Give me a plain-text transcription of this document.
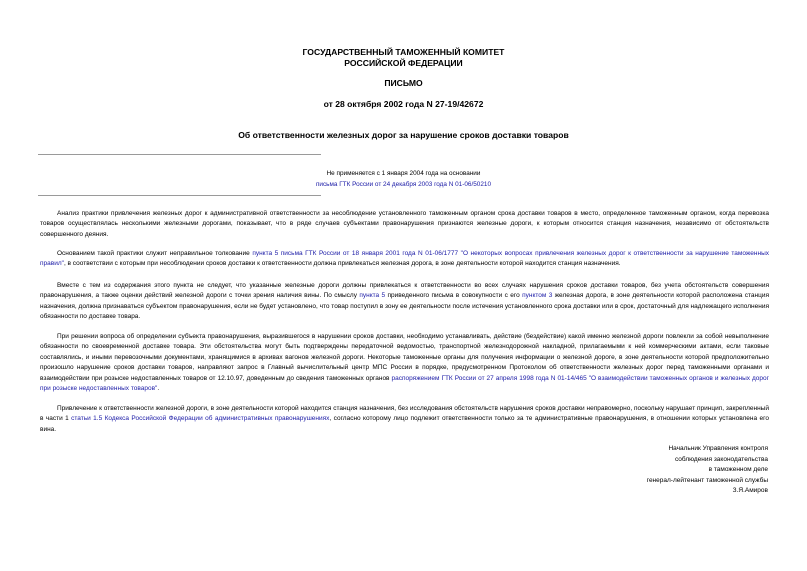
ГОСУДАРСТВЕННЫЙ ТАМОЖЕННЫЙ КОМИТЕТ
РОССИЙСКОЙ ФЕДЕРАЦИИ
ПИСЬМО
от 28 октября 2002 года N 27-19/42672
Об ответственности железных дорог за нарушение сроков доставки товаров
Не применяется с 1 января 2004 года на основании
письма ГТК России от 24 декабря 2003 года N 01-06/50210
Анализ практики привлечения железных дорог к административной ответственности за несоблюдение установленного таможенным органом срока доставки товаров в место, определенное таможенным органом, когда перевозка товаров осуществлялась несколькими железными дорогами, показывает, что в ряде случаев субъектами правонарушения признаются железные дороги, к которым относится станция назначения, независимо от обстоятельств совершенного деяния.
Основанием такой практики служит неправильное толкование пункта 5 письма ГТК России от 18 января 2001 года N 01-06/1777 "О некоторых вопросах привлечения железных дорог к ответственности за нарушение таможенных правил", в соответствии с которым при несоблюдении сроков доставки к ответственности должна привлекаться железная дорога, в зоне деятельности которой находится станция назначения.
Вместе с тем из содержания этого пункта не следует, что указанные железные дороги должны привлекаться к ответственности во всех случаях нарушения сроков доставки товаров, без учета обстоятельств совершения правонарушения, а также оценки действий железной дороги с точки зрения наличия вины. По смыслу пункта 5 приведенного письма в совокупности с его пунктом 3 железная дорога, в зоне деятельности которой расположена станция назначения, должна признаваться субъектом правонарушения, если не будет установлено, что товар поступил в зону ее деятельности после истечения установленного срока доставки или в срок, достаточный для надлежащего исполнения обязанности по доставке товара.
При решении вопроса об определении субъекта правонарушения, выразившегося в нарушении сроков доставки, необходимо устанавливать, действие (бездействие) какой именно железной дороги повлекли за собой невыполнение обязанности по своевременной доставке товара. Эти обстоятельства могут быть подтверждены передаточной ведомостью, транспортной железнодорожной накладной, прилагаемыми к ней коммерческими актами, если таковые составлялись, и иными перевозочными документами, хранящимися в архивах вагонов железной дороги. Некоторые таможенные органы для получения информации о железной дороге, в зоне деятельности которой предположительно произошло нарушение сроков доставки товаров, направляют запрос в Главный вычислительный центр МПС России в порядке, предусмотренном Протоколом об ответственности железных дорог перед таможенными органами и взаимодействии при розыске недоставленных товаров от 12.10.97, доведенным до сведения таможенных органов распоряжением ГТК России от 27 апреля 1998 года N 01-14/465 "О взаимодействии таможенных органов и железных дорог при розыске недоставленных товаров".
Привлечение к ответственности железной дороги, в зоне деятельности которой находится станция назначения, без исследования обстоятельств нарушения сроков доставки неправомерно, поскольку нарушает принцип, закрепленный в части 1 статьи 1.5 Кодекса Российской Федерации об административных правонарушениях, согласно которому лицо подлежит ответственности только за те административные правонарушения, в отношении которых установлена его вина.
Начальник Управления контроля
соблюдения законодательства
в таможенном деле
генерал-лейтенант таможенной службы
З.Я.Амиров
